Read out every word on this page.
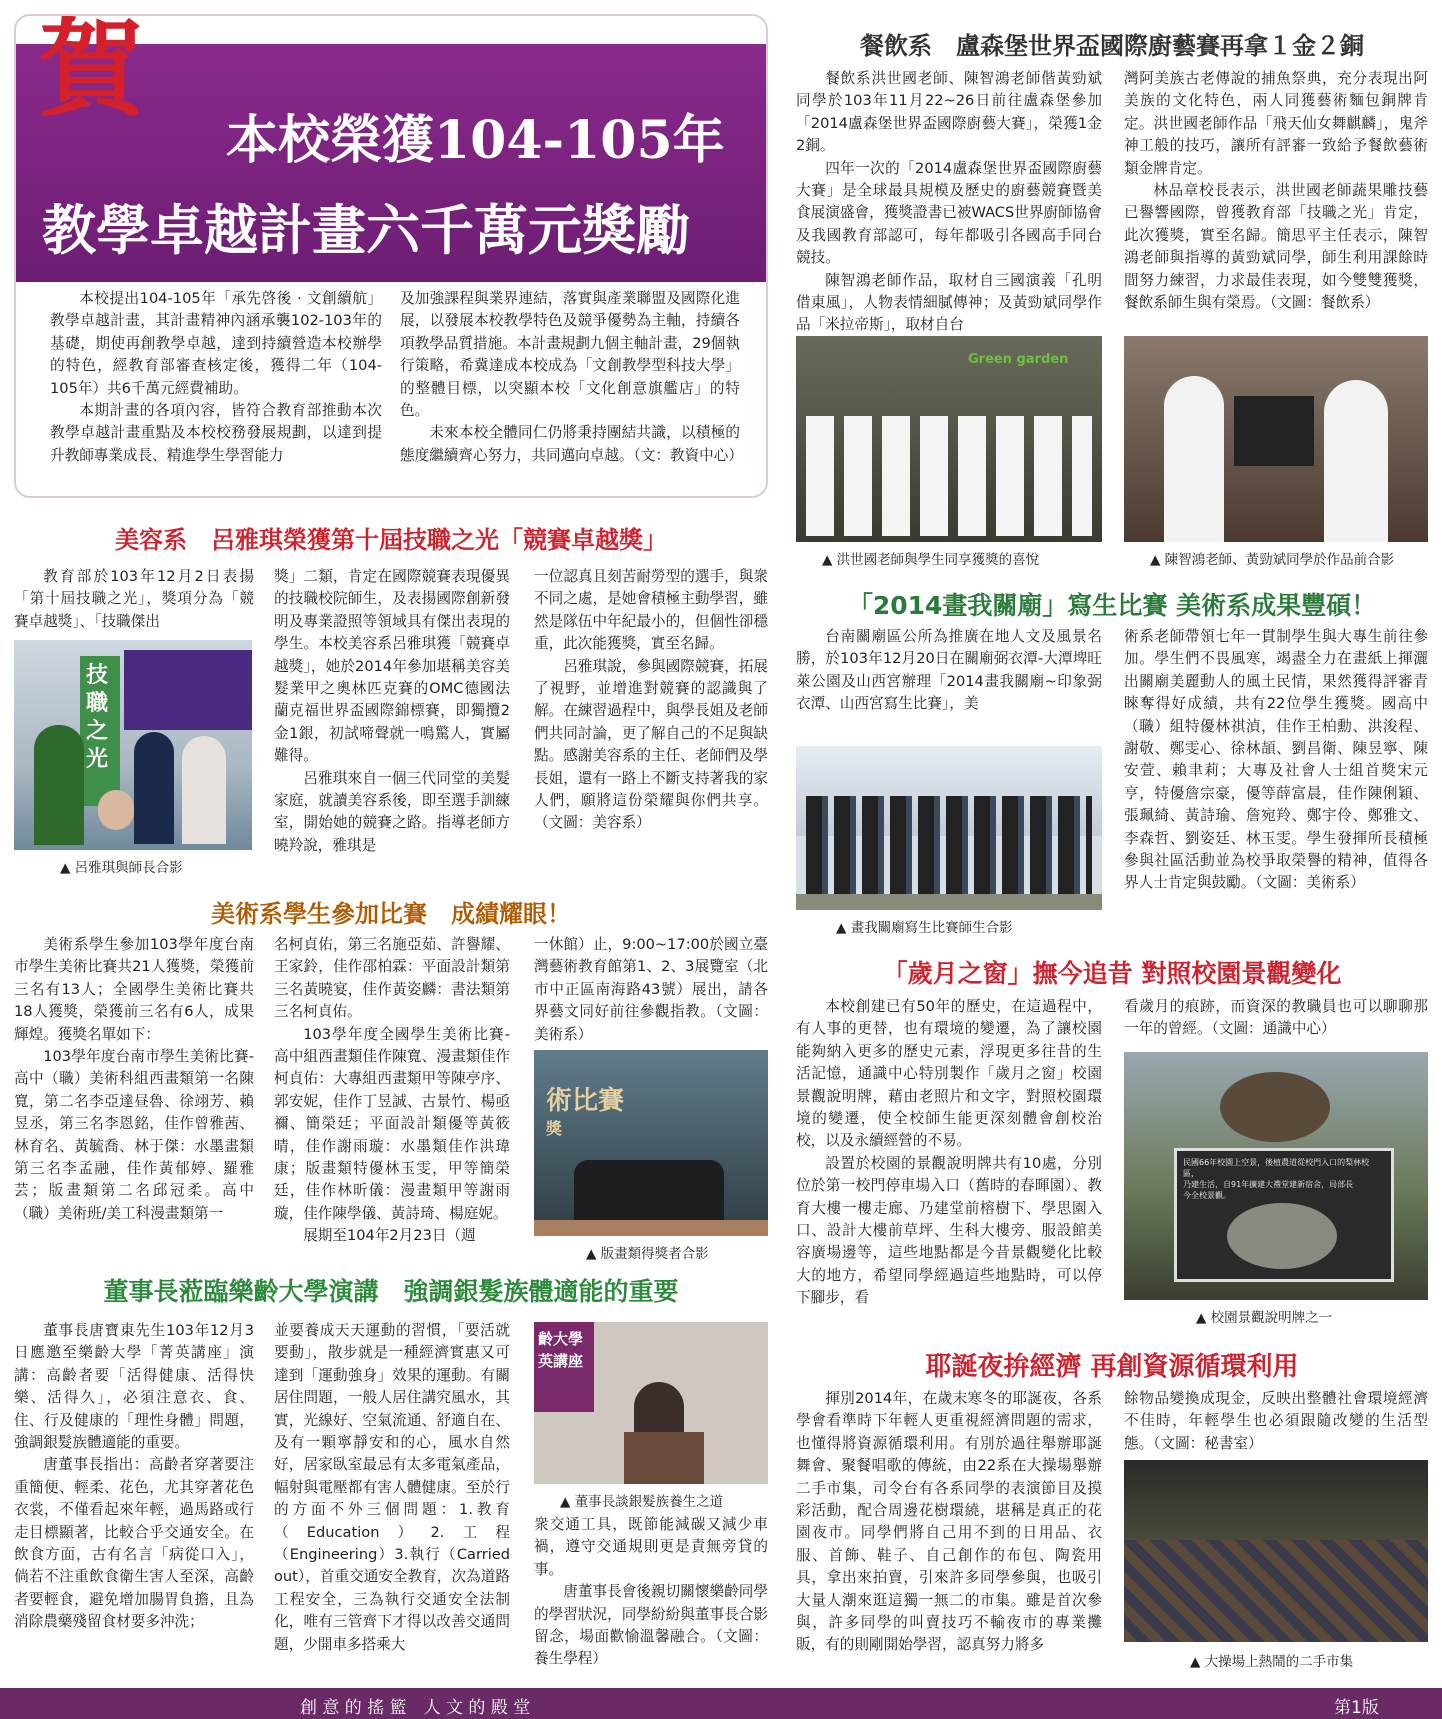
賀
本校榮獲104-105年
教學卓越計畫六千萬元獎勵

本校提出104-105年「承先啓後 · 文創續航」教學卓越計畫，其計畫精神內涵承襲102-103年的基礎，期使再創教學卓越，達到持續營造本校辦學的特色，經教育部審查核定後，獲得二年（104-105年）共6千萬元經費補助。

本期計畫的各項內容，皆符合教育部推動本次教學卓越計畫重點及本校校務發展規劃，以達到提升教師專業成長、精進學生學習能力

及加強課程與業界連結，落實與產業聯盟及國際化進展，以發展本校教學特色及競爭優勢為主軸，持續各項教學品質措施。本計畫規劃九個主軸計畫，29個執行策略，希冀達成本校成為「文創教學型科技大學」的整體目標，以突顯本校「文化創意旗艦店」的特色。

未來本校全體同仁仍將秉持團結共識，以積極的態度繼續齊心努力，共同邁向卓越。（文：教資中心）

美容系　呂雅琪榮獲第十屆技職之光「競賽卓越獎」

教育部於103年12月2日表揚「第十屆技職之光」，獎項分為「競賽卓越獎」、「技職傑出

技
職
之
光
▲ 呂雅琪與師長合影

獎」二類，肯定在國際競賽表現優異的技職校院師生，及表揚國際創新發明及專業證照等領域具有傑出表現的學生。本校美容系呂雅琪獲「競賽卓越獎」，她於2014年參加堪稱美容美髮業甲之奧林匹克賽的OMC德國法蘭克福世界盃國際錦標賽，即獨攬2金1銀，初試啼聲就一鳴驚人，實屬難得。

呂雅琪來自一個三代同堂的美髮家庭，就讀美容系後，即至選手訓練室，開始她的競賽之路。指導老師方曉羚說，雅琪是

一位認真且刻苦耐勞型的選手，與衆不同之處，是她會積極主動學習，雖然是隊伍中年紀最小的，但個性卻穩重，此次能獲獎，實至名歸。

呂雅琪說，參與國際競賽，拓展了視野，並增進對競賽的認識與了解。在練習過程中，與學長姐及老師們共同討論，更了解自己的不足與缺點。感謝美容系的主任、老師們及學長姐，還有一路上不斷支持著我的家人們，願將這份榮耀與你們共享。（文圖：美容系）

美術系學生參加比賽　成績耀眼！

美術系學生參加103學年度台南市學生美術比賽共21人獲獎，榮獲前三名有13人；全國學生美術比賽共18人獲獎，榮獲前三名有6人，成果輝煌。獲獎名單如下：

103學年度台南市學生美術比賽-高中（職）美術科組西畫類第一名陳寬，第二名李亞達昼魯、徐翊芳、賴昱丞，第三名李恩銘，佳作曾雅茜、林育名、黃毓喬、林于傑：水墨畫類第三名李孟融，佳作黃郁婷、羅雅芸；版畫類第二名邱冠柔。高中（職）美術班/美工科漫畫類第一

名柯貞佑，第三名施亞茹、許譽耀、王家鈴，佳作邵柏霖：平面設計類第三名黃曉宴，佳作黃姿麟：書法類第三名柯貞佑。

103學年度全國學生美術比賽-高中組西畫類佳作陳寬、漫畫類佳作柯貞佑：大專組西畫類甲等陳亭序、郭安妮，佳作丁昱誠、古景竹、楊亟禰、簡榮廷；平面設計類優等黃筱晴，佳作謝雨璇：水墨類佳作洪瑋康；版畫類特優林玉雯，甲等簡榮廷，佳作林昕儀：漫畫類甲等謝雨璇，佳作陳學儀、黃詩琦、楊庭妮。

展期至104年2月23日（週

一休館）止，9:00~17:00於國立臺灣藝術教育館第1、2、3展覽室（北市中正區南海路43號）展出，請各界藝文同好前往參觀指教。（文圖：美術系）

術比賽
獎
▲ 版畫類得獎者合影
董事長蒞臨樂齡大學演講　強調銀髮族體適能的重要

董事長唐寶東先生103年12月3日應邀至樂齡大學「菁英講座」演講：高齡者要「活得健康、活得快樂、活得久」，必須注意衣、食、住、行及健康的「理性身體」問題，強調銀髮族體適能的重要。

唐董事長指出：高齡者穿著要注重簡便、輕柔、花色，尤其穿著花色衣裳，不僅看起來年輕，過馬路或行走目標顯著，比較合乎交通安全。在飲食方面，古有名言「病從口入」，倘若不注重飲食衛生害人至深，高齡者要輕食，避免增加腸胃負擔，且為消除農藥殘留食材要多沖洗；

並要養成天天運動的習慣，「要活就要動」，散步就是一種經濟實惠又可達到「運動強身」效果的運動。有關居住問題，一般人居住講究風水，其實，光線好、空氣流通、舒適自在、及有一顆寧靜安和的心，風水自然好，居家臥室最忌有太多電氣產品，幅射與電壓都有害人體健康。至於行的方面不外三個問題：1.教育（Education）2.工程（Engineering）3.執行（Carried out），首重交通安全教育，次為道路工程安全，三為執行交通安全法制化，唯有三管齊下才得以改善交通問題，少開車多搭乘大

齡大學
英講座
▲ 董事長談銀髮族養生之道

衆交通工具，既節能減碳又減少車禍，遵守交通規則更是責無旁貸的事。

唐董事長會後親切關懷樂齡同學的學習狀況，同學紛紛與董事長合影留念，場面歡愉溫馨融合。（文圖：養生學程）

餐飲系　盧森堡世界盃國際廚藝賽再拿１金２銅

餐飲系洪世國老師、陳智鴻老師偕黃勁斌同學於103年11月22~26日前往盧森堡參加「2014盧森堡世界盃國際廚藝大賽」，榮獲1金2銅。

四年一次的「2014盧森堡世界盃國際廚藝大賽」是全球最具規模及歷史的廚藝競賽暨美食展演盛會，獲獎證書已被WACS世界廚師協會及我國教育部認可，每年都吸引各國高手同台競技。

陳智鴻老師作品，取材自三國演義「孔明借東風」，人物表情細膩傳神；及黃勁斌同學作品「米拉帝斯」，取材自台

灣阿美族古老傳說的捕魚祭典，充分表現出阿美族的文化特色，兩人同獲藝術麵包銅牌肯定。洪世國老師作品「飛天仙女舞麒麟」，鬼斧神工般的技巧，讓所有評審一致給予餐飲藝術類金牌肯定。

林品章校長表示，洪世國老師蔬果雕技藝已譽響國際，曾獲教育部「技職之光」肯定，此次獲獎，實至名歸。簡思平主任表示，陳智鴻老師與指導的黃勁斌同學，師生利用課餘時間努力練習，力求最佳表現，如今雙雙獲獎，餐飲系師生與有榮焉。（文圖：餐飲系）

Green garden
▲ 洪世國老師與學生同享獲獎的喜悅	▲ 陳智鴻老師、黃勁斌同學於作品前合影
「2014畫我關廟」寫生比賽 美術系成果豐碩！

台南關廟區公所為推廣在地人文及風景名勝，於103年12月20日在關廟弼衣潭-大潭埤旺萊公園及山西宮辦理「2014畫我關廟~印象弼衣潭、山西宮寫生比賽」，美

▲ 畫我關廟寫生比賽師生合影

術系老師帶領七年一貫制學生與大專生前往參加。學生們不畏風寒，竭盡全力在畫紙上揮灑出關廟美麗動人的風土民情，果然獲得評審青睞奪得好成績，共有22位學生獲獎。國高中（職）組特優林祺湞，佳作王柏勳、洪浚程、謝敬、鄭雯心、徐林頡、劉昌衛、陳昱寧、陳安萱、賴聿莉；大專及社會人士組首獎宋元亨，特優詹宗豪，優等薛富晨，佳作陳俐穎、張珮綺、黃詩瑜、詹宛羚、鄭宇伶、鄭雅文、李森哲、劉姿廷、林玉雯。學生發揮所長積極參與社區活動並為校爭取榮譽的精神，值得各界人士肯定與鼓勵。（文圖：美術系）

「歲月之窗」撫今追昔 對照校園景觀變化

本校創建已有50年的歷史，在這過程中，有人事的更替，也有環境的變遷，為了讓校園能夠納入更多的歷史元素，浮現更多往昔的生活記憶，通識中心特別製作「歲月之窗」校園景觀說明牌，藉由老照片和文字，對照校園環境的變遷，使全校師生能更深刻體會創校治校，以及永續經營的不易。

設置於校園的景觀說明牌共有10處，分別位於第一校門停車場入口（舊時的春暉園）、教育大樓一樓走廊、乃建堂前榕樹下、學思園入口、設計大樓前草坪、生科大樓旁、服設館美容廣場邊等，這些地點都是今昔景觀變化比較大的地方，希望同學經過這些地點時，可以停下腳步，看

看歲月的痕跡，而資深的教職員也可以聊聊那一年的曾經。（文圖：通識中心）

民國66年校園上空景，後植農道從校門入口的梨林校區，
乃建生活，自91年擴建大禮堂建新宿舍，局部長
今全校景觀。
▲ 校園景觀說明牌之一
耶誕夜拚經濟 再創資源循環利用

揮別2014年，在歲末寒冬的耶誕夜，各系學會看準時下年輕人更重視經濟問題的需求，也懂得將資源循環利用。有別於過往舉辦耶誕舞會、聚餐唱歌的傳統，由22系在大操場舉辦二手市集，司令台有各系同學的表演節目及摸彩活動，配合周邊花樹環繞，堪稱是真正的花園夜市。同學們將自己用不到的日用品、衣服、首飾、鞋子、自己創作的布包、陶瓷用具，拿出來拍賣，引來許多同學參與，也吸引大量人潮來逛這獨一無二的市集。雖是首次參與，許多同學的叫賣技巧不輸夜市的專業攤販，有的則剛開始學習，認真努力將多

餘物品變換成現金，反映出整體社會環境經濟不佳時，年輕學生也必須跟隨改變的生活型態。（文圖：秘書室）

▲ 大操場上熱鬧的二手市集
創 意 的 搖 籃　人 文 的 殿 堂	第1版
